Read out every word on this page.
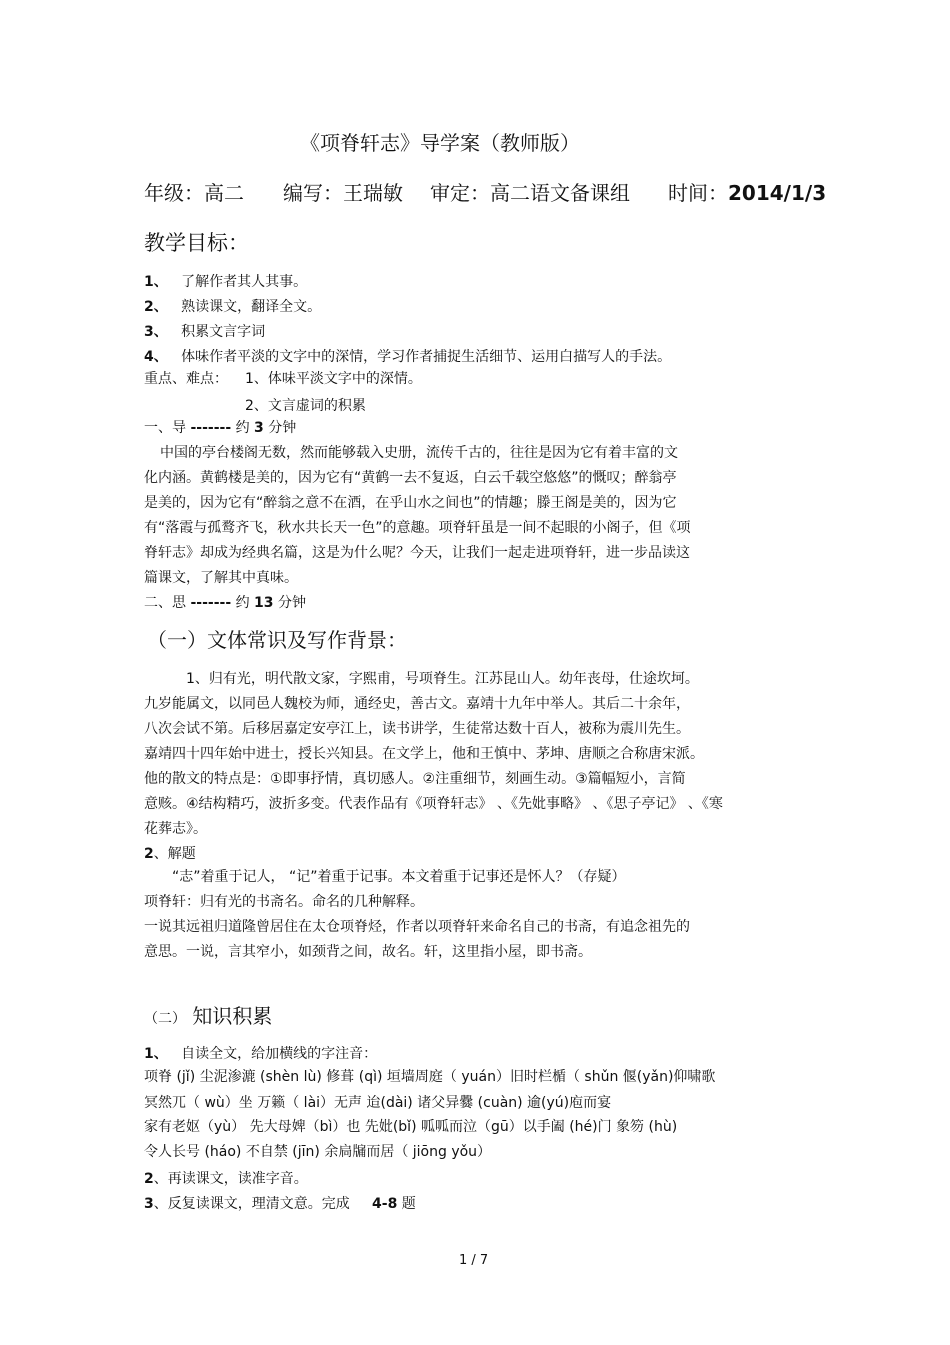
《项脊轩志》导学案（教师版）
年级：高二 编写：王瑞敏 审定：高二语文备课组 时间：2014/1/3
教学目标：
1、 了解作者其人其事。
2、 熟读课文，翻译全文。
3、 积累文言字词
4、 体味作者平淡的文字中的深情，学习作者捕捉生活细节、运用白描写人的手法。
重点、难点： 1、体味平淡文字中的深情。
2、文言虚词的积累
一、导 ------- 约 3 分钟
中国的亭台楼阁无数，然而能够载入史册，流传千古的，往往是因为它有着丰富的文
化内涵。黄鹤楼是美的，因为它有“黄鹤一去不复返，白云千载空悠悠”的慨叹；醉翁亭
是美的，因为它有“醉翁之意不在酒，在乎山水之间也”的情趣；滕王阁是美的，因为它
有“落霞与孤鹜齐飞，秋水共长天一色”的意趣。项脊轩虽是一间不起眼的小阁子，但《项
脊轩志》却成为经典名篇，这是为什么呢？今天，让我们一起走进项脊轩，进一步品读这
篇课文，了解其中真味。
二、思 ------- 约 13 分钟
（一）文体常识及写作背景：
1、归有光，明代散文家，字熙甫，号项脊生。江苏昆山人。幼年丧母，仕途坎坷。
九岁能属文，以同邑人魏校为师，通经史，善古文。嘉靖十九年中举人。其后二十余年，
八次会试不第。后移居嘉定安亭江上，读书讲学，生徒常达数十百人，被称为震川先生。
嘉靖四十四年始中进士，授长兴知县。在文学上，他和王慎中、茅坤、唐顺之合称唐宋派。
他的散文的特点是：①即事抒情，真切感人。②注重细节，刻画生动。③篇幅短小，言简
意赅。④结构精巧，波折多变。代表作品有《项脊轩志》 、《先妣事略》 、《思子亭记》 、《寒
花葬志》。
2、解题
“志”着重于记人， “记”着重于记事。本文着重于记事还是怀人？（存疑）
项脊轩：归有光的书斋名。命名的几种解释。
一说其远祖归道隆曾居住在太仓项脊烃，作者以项脊轩来命名自己的书斋，有追念祖先的
意思。一说，言其窄小，如颈背之间，故名。轩，这里指小屋，即书斋。
（二） 知识积累
1、 自读全文，给加横线的字注音：
项脊 (jǐ) 尘泥渗漉 (shèn lù) 修葺 (qì) 垣墙周庭（ yuán）旧时栏楯（ shǔn 偃(yǎn)仰啸歌
冥然兀（ wù）坐 万籁（ lài）无声 迨(dài) 诸父异爨 (cuàn) 逾(yú)庖而宴
家有老妪（yù） 先大母婢（bì）也 先妣(bǐ) 呱呱而泣（gū）以手阖 (hé)门 象笏 (hù)
令人长号 (háo) 不自禁 (jīn) 余扃牖而居（ jiōng yǒu）
2、再读课文，读准字音。
3、反复读课文，理清文意。完成 4-8 题
1 / 7
